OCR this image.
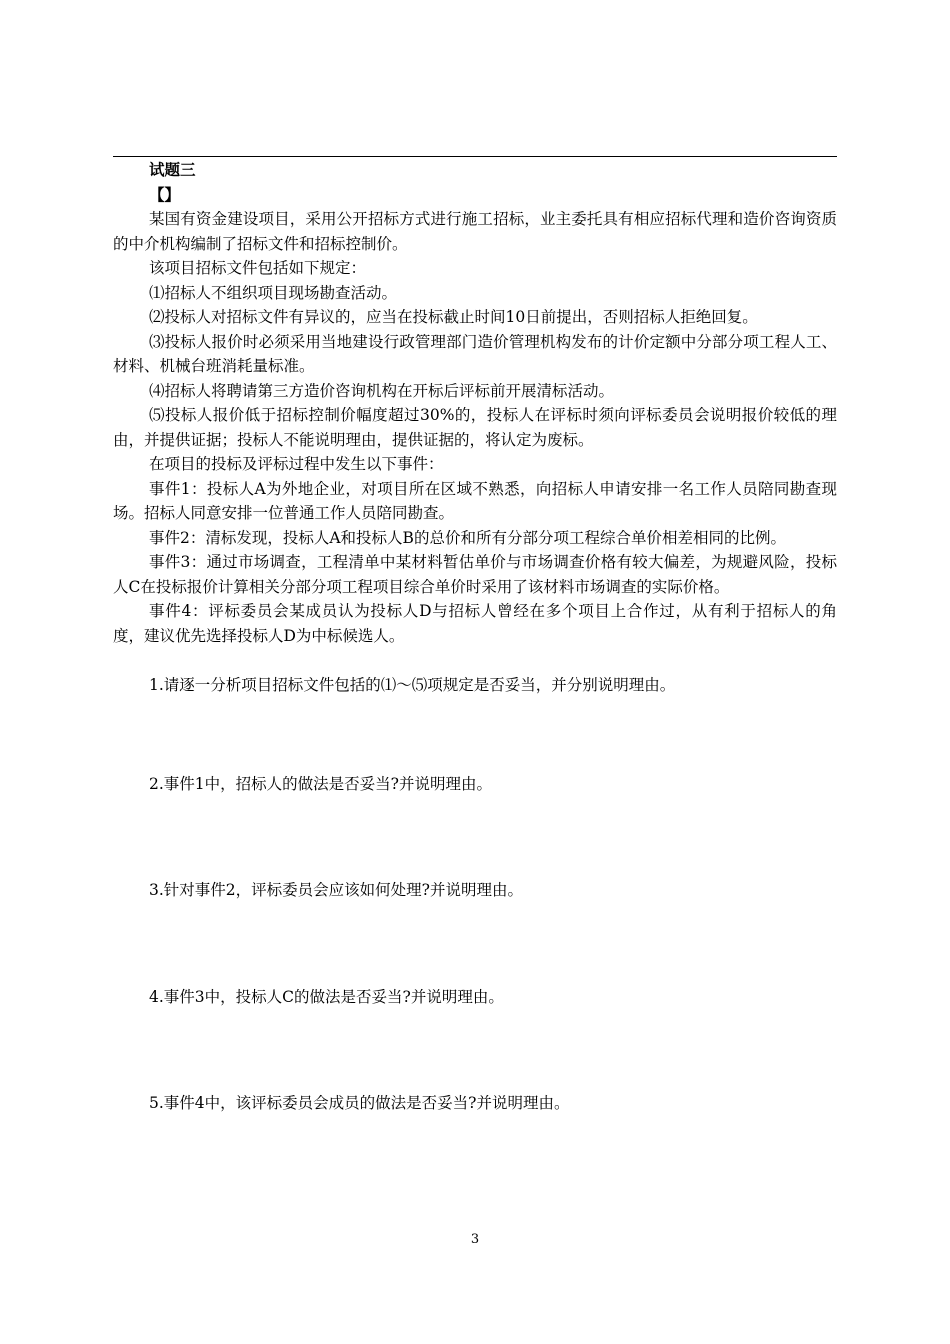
试题三

【】

某国有资金建设项目，采用公开招标方式进行施工招标，业主委托具有相应招标代理和造价咨询资质的中介机构编制了招标文件和招标控制价。

该项目招标文件包括如下规定：

⑴招标人不组织项目现场勘查活动。

⑵投标人对招标文件有异议的，应当在投标截止时间10日前提出，否则招标人拒绝回复。

⑶投标人报价时必须采用当地建设行政管理部门造价管理机构发布的计价定额中分部分项工程人工、材料、机械台班消耗量标准。

⑷招标人将聘请第三方造价咨询机构在开标后评标前开展清标活动。

⑸投标人报价低于招标控制价幅度超过30%的，投标人在评标时须向评标委员会说明报价较低的理由，并提供证据；投标人不能说明理由，提供证据的，将认定为废标。

在项目的投标及评标过程中发生以下事件：

事件1：投标人A为外地企业，对项目所在区域不熟悉，向招标人申请安排一名工作人员陪同勘查现场。招标人同意安排一位普通工作人员陪同勘查。

事件2：清标发现，投标人A和投标人B的总价和所有分部分项工程综合单价相差相同的比例。

事件3：通过市场调查，工程清单中某材料暂估单价与市场调查价格有较大偏差，为规避风险，投标人C在投标报价计算相关分部分项工程项目综合单价时采用了该材料市场调查的实际价格。

事件4：评标委员会某成员认为投标人D与招标人曾经在多个项目上合作过，从有利于招标人的角度，建议优先选择投标人D为中标候选人。

1.请逐一分析项目招标文件包括的⑴～⑸项规定是否妥当，并分别说明理由。

2.事件1中，招标人的做法是否妥当?并说明理由。

3.针对事件2，评标委员会应该如何处理?并说明理由。

4.事件3中，投标人C的做法是否妥当?并说明理由。

5.事件4中，该评标委员会成员的做法是否妥当?并说明理由。

3
